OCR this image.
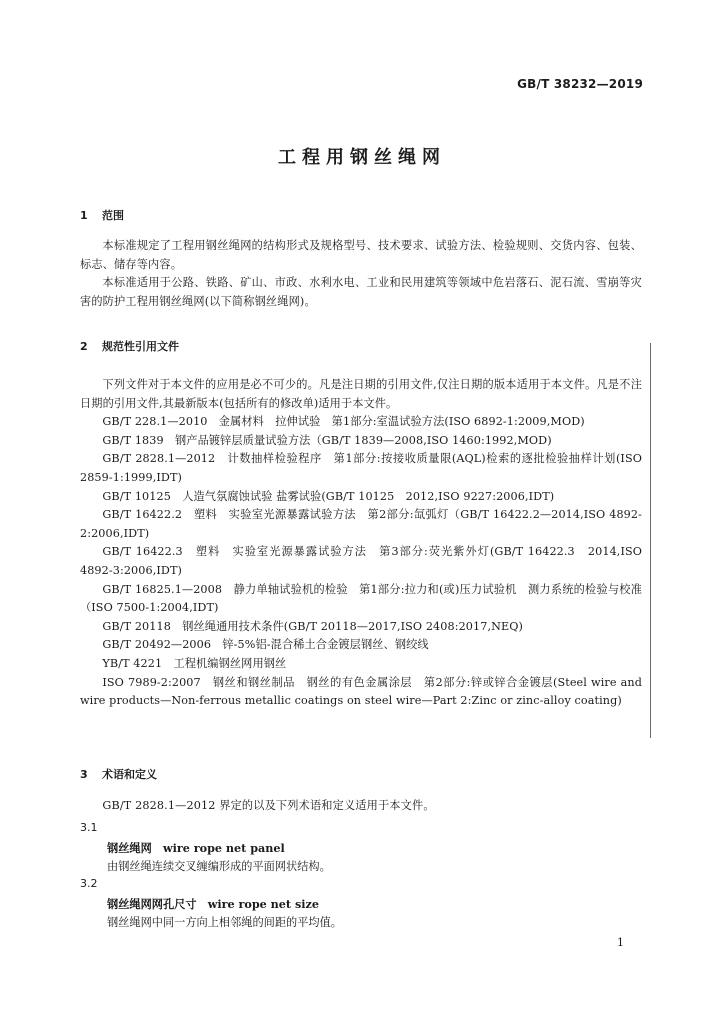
GB/T 38232—2019
工程用钢丝绳网
1 范围

本标准规定了工程用钢丝绳网的结构形式及规格型号、技术要求、试验方法、检验规则、交货内容、包装、标志、储存等内容。

本标准适用于公路、铁路、矿山、市政、水利水电、工业和民用建筑等领域中危岩落石、泥石流、雪崩等灾害的防护工程用钢丝绳网(以下简称钢丝绳网)。

2 规范性引用文件

下列文件对于本文件的应用是必不可少的。凡是注日期的引用文件,仅注日期的版本适用于本文件。凡是不注日期的引用文件,其最新版本(包括所有的修改单)适用于本文件。

GB/T 228.1—2010　金属材料　拉伸试验　第1部分:室温试验方法(ISO 6892-1:2009,MOD)

GB/T 1839　钢产品镀锌层质量试验方法（GB/T 1839—2008,ISO 1460:1992,MOD)

GB/T 2828.1—2012　计数抽样检验程序　第1部分:按接收质量限(AQL)检索的逐批检验抽样计划(ISO 2859-1:1999,IDT)

GB/T 10125　人造气氛腐蚀试验 盐雾试验(GB/T 10125　2012,ISO 9227:2006,IDT)

GB/T 16422.2　塑料　实验室光源暴露试验方法　第2部分:氙弧灯（GB/T 16422.2—2014,ISO 4892-2:2006,IDT)

GB/T 16422.3　塑料　实验室光源暴露试验方法　第3部分:荧光紫外灯(GB/T 16422.3　2014,ISO 4892-3:2006,IDT)

GB/T 16825.1—2008　静力单轴试验机的检验　第1部分:拉力和(或)压力试验机　测力系统的检验与校准（ISO 7500-1:2004,IDT)

GB/T 20118　钢丝绳通用技术条件(GB/T 20118—2017,ISO 2408:2017,NEQ)

GB/T 20492—2006　锌-5%铝-混合稀土合金镀层钢丝、钢绞线

YB/T 4221　工程机编钢丝网用钢丝

ISO 7989-2:2007　钢丝和钢丝制品　钢丝的有色金属涂层　第2部分:锌或锌合金镀层(Steel wire and wire products—Non-ferrous metallic coatings on steel wire—Part 2:Zinc or zinc-alloy coating)

3 术语和定义

GB/T 2828.1—2012 界定的以及下列术语和定义适用于本文件。

3.1
钢丝绳网　wire rope net panel
由钢丝绳连续交叉缠编形成的平面网状结构。
3.2
钢丝绳网网孔尺寸　wire rope net size
钢丝绳网中同一方向上相邻绳的间距的平均值。
1
